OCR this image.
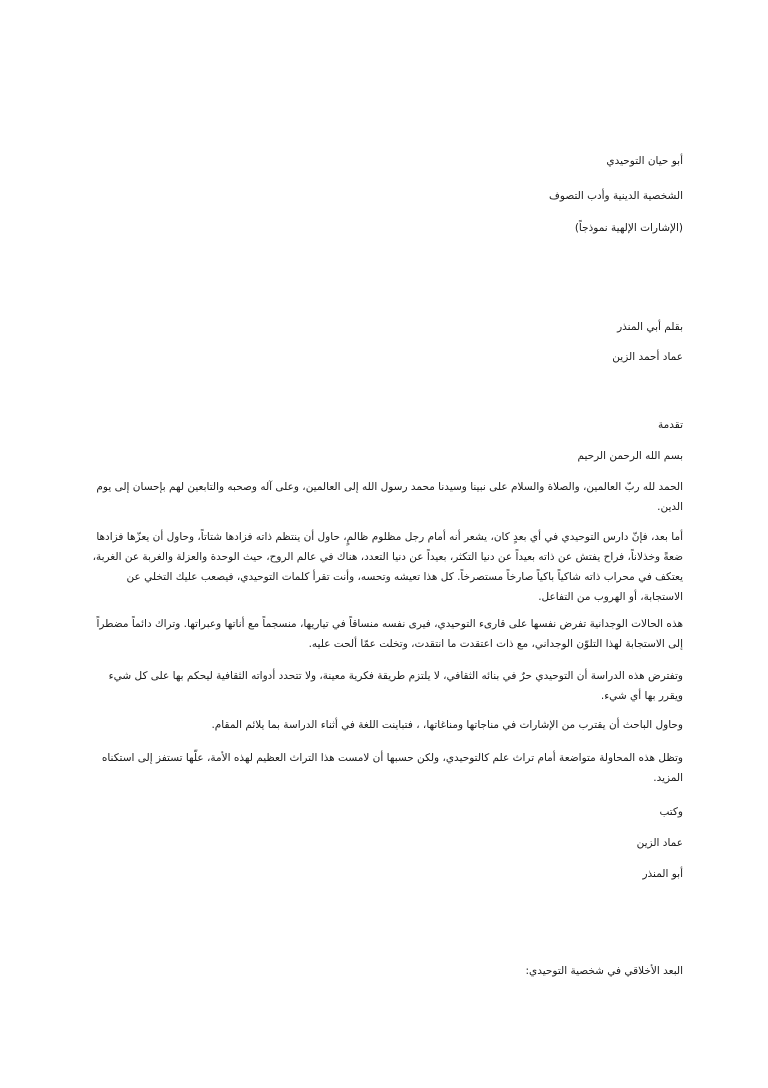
أبو حيان التوحيدي
الشخصية الدينية وأدب التصوف
(الإشارات الإلهية نموذجاً)
بقلم أبي المنذر
عماد أحمد الزين
تقدمة
بسم الله الرحمن الرحيم

الحمد لله ربّ العالمين، والصلاة والسلام على نبينا وسيدنا محمد رسول الله إلى العالمين، وعلى آله وصحبه والتابعين لهم بإحسان إلى يوم الدين.

أما بعد، فإنّ دارس التوحيدي في أي بعدٍ كان، يشعر أنه أمام رجل مظلوم ظالمٍ، حاول أن ينتظم ذاته فزادها شتاتاً، وحاول أن يعزّها فزادها ضعةً وخذلاناً، فراح يفتش عن ذاته بعيداً عن دنيا التكثر، بعيداً عن دنيا التعدد، هناك في عالم الروح، حيث الوحدة والعزلة والغربة عن الغربة، يعتكف في محراب ذاته شاكياً باكياً صارخاً مستصرخاً. كل هذا تعيشه وتحسه، وأنت تقرأ كلمات التوحيدي، فيصعب عليك التخلي عن الاستجابة، أو الهروب من التفاعل.

هذه الحالات الوجدانية تفرض نفسها على قارىء التوحيدي، فيرى نفسه منساقاً في تياريها، منسجماً مع أناتها وعبراتها. وتراك دائماً مضطراً إلى الاستجابة لهذا التلوّن الوجداني، مع ذات اعتقدت ما انتقدت، وتخلت عمّا ألحت عليه.

وتفترض هذه الدراسة أن التوحيدي حرٌ في بنائه الثقافي، لا يلتزم طريقة فكرية معينة، ولا تتحدد أدواته الثقافية ليحكم بها على كل شيء ويقرر بها أي شيء.

وحاول الباحث أن يقترب من الإشارات في مناجاتها ومناغاتها، ، فتباينت اللغة في أثناء الدراسة بما يلائم المقام.

وتظل هذه المحاولة متواضعة أمام تراث علم كالتوحيدي، ولكن حسبها أن لامست هذا التراث العظيم لهذه الأمة، علّها تستفز إلى استكناه المزيد.

وكتب
عماد الزين
أبو المنذر
البعد الأخلاقي في شخصية التوحيدي:
